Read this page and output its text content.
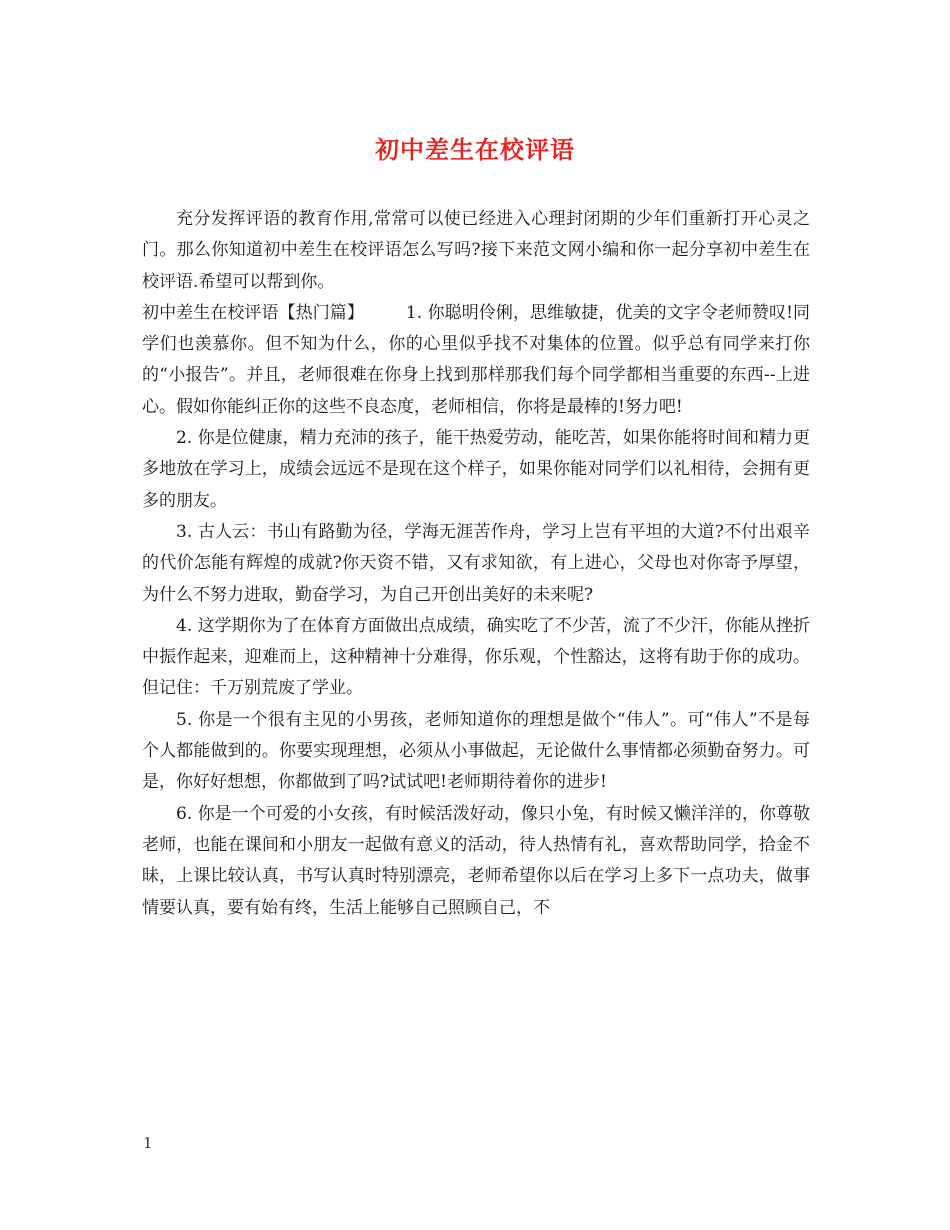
初中差生在校评语

充分发挥评语的教育作用,常常可以使已经进入心理封闭期的少年们重新打开心灵之门。那么你知道初中差生在校评语怎么写吗?接下来范文网小编和你一起分享初中差生在校评语.希望可以帮到你。

初中差生在校评语【热门篇】 1. 你聪明伶俐，思维敏捷，优美的文字令老师赞叹!同学们也羡慕你。但不知为什么，你的心里似乎找不对集体的位置。似乎总有同学来打你的“小报告”。并且，老师很难在你身上找到那样那我们每个同学都相当重要的东西--上进心。假如你能纠正你的这些不良态度，老师相信，你将是最棒的!努力吧!

2. 你是位健康，精力充沛的孩子，能干热爱劳动，能吃苦，如果你能将时间和精力更多地放在学习上，成绩会远远不是现在这个样子，如果你能对同学们以礼相待，会拥有更多的朋友。

3. 古人云：书山有路勤为径，学海无涯苦作舟，学习上岂有平坦的大道?不付出艰辛的代价怎能有辉煌的成就?你天资不错，又有求知欲，有上进心，父母也对你寄予厚望，为什么不努力进取，勤奋学习，为自己开创出美好的未来呢?

4. 这学期你为了在体育方面做出点成绩，确实吃了不少苦，流了不少汗，你能从挫折中振作起来，迎难而上，这种精神十分难得，你乐观，个性豁达，这将有助于你的成功。但记住：千万别荒废了学业。

5. 你是一个很有主见的小男孩，老师知道你的理想是做个“伟人”。可“伟人”不是每个人都能做到的。你要实现理想，必须从小事做起，无论做什么事情都必须勤奋努力。可是，你好好想想，你都做到了吗?试试吧!老师期待着你的进步!

6. 你是一个可爱的小女孩，有时候活泼好动，像只小兔，有时候又懒洋洋的，你尊敬老师，也能在课间和小朋友一起做有意义的活动，待人热情有礼，喜欢帮助同学，拾金不昧，上课比较认真，书写认真时特别漂亮，老师希望你以后在学习上多下一点功夫，做事情要认真，要有始有终，生活上能够自己照顾自己，不

1
